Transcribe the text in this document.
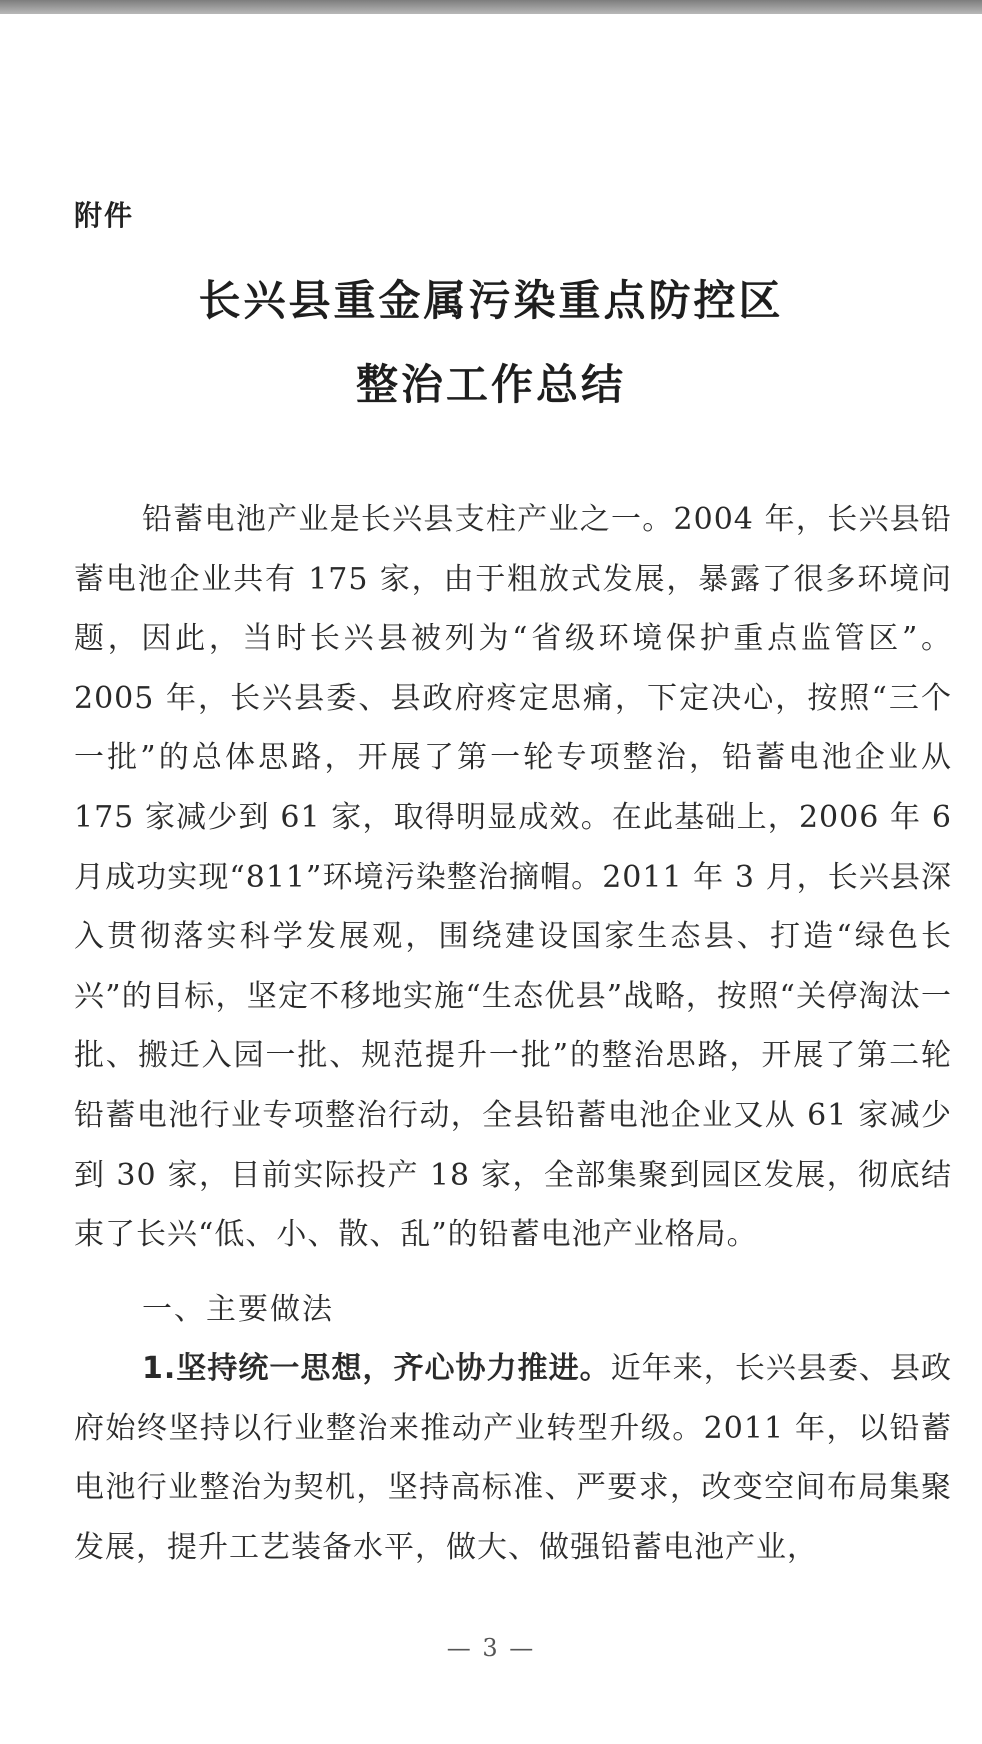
附件
长兴县重金属污染重点防控区
整治工作总结
铅蓄电池产业是长兴县支柱产业之一。2004 年，长兴县铅蓄电池企业共有 175 家，由于粗放式发展，暴露了很多环境问题，因此，当时长兴县被列为“省级环境保护重点监管区”。2005 年，长兴县委、县政府疼定思痛，下定决心，按照“三个一批”的总体思路，开展了第一轮专项整治，铅蓄电池企业从 175 家减少到 61 家，取得明显成效。在此基础上，2006 年 6 月成功实现“811”环境污染整治摘帽。2011 年 3 月，长兴县深入贯彻落实科学发展观，围绕建设国家生态县、打造“绿色长兴”的目标，坚定不移地实施“生态优县”战略，按照“关停淘汰一批、搬迁入园一批、规范提升一批”的整治思路，开展了第二轮铅蓄电池行业专项整治行动，全县铅蓄电池企业又从 61 家减少到 30 家，目前实际投产 18 家，全部集聚到园区发展，彻底结束了长兴“低、小、散、乱”的铅蓄电池产业格局。
一、主要做法
1.坚持统一思想，齐心协力推进。近年来，长兴县委、县政府始终坚持以行业整治来推动产业转型升级。2011 年，以铅蓄电池行业整治为契机，坚持高标准、严要求，改变空间布局集聚发展，提升工艺装备水平，做大、做强铅蓄电池产业，
— 3 —
